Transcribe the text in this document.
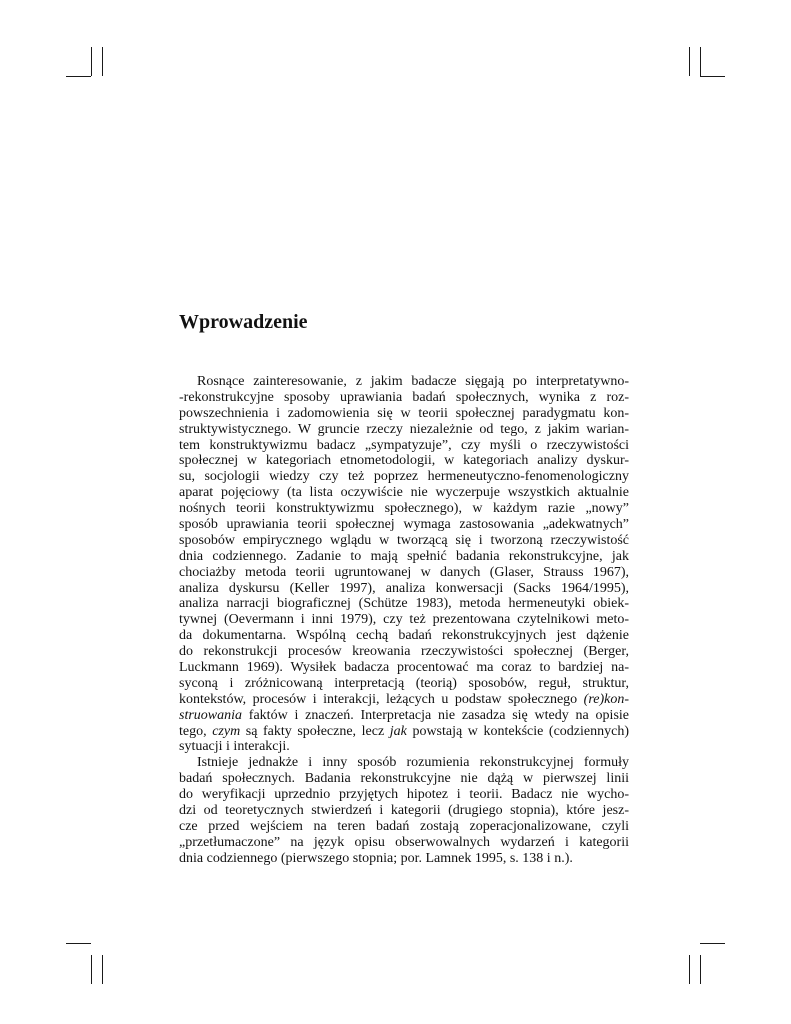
Wprowadzenie
Rosnące zainteresowanie, z jakim badacze sięgają po interpretatywno-
-rekonstrukcyjne sposoby uprawiania badań społecznych, wynika z roz-
powszechnienia i zadomowienia się w teorii społecznej paradygmatu kon-
struktywistycznego. W gruncie rzeczy niezależnie od tego, z jakim warian-
tem konstruktywizmu badacz „sympatyzuje”, czy myśli o rzeczywistości
społecznej w kategoriach etnometodologii, w kategoriach analizy dyskur-
su, socjologii wiedzy czy też poprzez hermeneutyczno-fenomenologiczny
aparat pojęciowy (ta lista oczywiście nie wyczerpuje wszystkich aktualnie
nośnych teorii konstruktywizmu społecznego), w każdym razie „nowy”
sposób uprawiania teorii społecznej wymaga zastosowania „adekwatnych”
sposobów empirycznego wglądu w tworzącą się i tworzoną rzeczywistość
dnia codziennego. Zadanie to mają spełnić badania rekonstrukcyjne, jak
chociażby metoda teorii ugruntowanej w danych (Glaser, Strauss 1967),
analiza dyskursu (Keller 1997), analiza konwersacji (Sacks 1964/1995),
analiza narracji biograficznej (Schütze 1983), metoda hermeneutyki obiek-
tywnej (Oevermann i inni 1979), czy też prezentowana czytelnikowi meto-
da dokumentarna. Wspólną cechą badań rekonstrukcyjnych jest dążenie
do rekonstrukcji procesów kreowania rzeczywistości społecznej (Berger,
Luckmann 1969). Wysiłek badacza procentować ma coraz to bardziej na-
syconą i zróżnicowaną interpretacją (teorią) sposobów, reguł, struktur,
kontekstów, procesów i interakcji, leżących u podstaw społecznego (re)kon-
struowania faktów i znaczeń. Interpretacja nie zasadza się wtedy na opisie
tego, czym są fakty społeczne, lecz jak powstają w kontekście (codziennych)
sytuacji i interakcji.
Istnieje jednakże i inny sposób rozumienia rekonstrukcyjnej formuły
badań społecznych. Badania rekonstrukcyjne nie dążą w pierwszej linii
do weryfikacji uprzednio przyjętych hipotez i teorii. Badacz nie wycho-
dzi od teoretycznych stwierdzeń i kategorii (drugiego stopnia), które jesz-
cze przed wejściem na teren badań zostają zoperacjonalizowane, czyli
„przetłumaczone” na język opisu obserwowalnych wydarzeń i kategorii
dnia codziennego (pierwszego stopnia; por. Lamnek 1995, s. 138 i n.).
